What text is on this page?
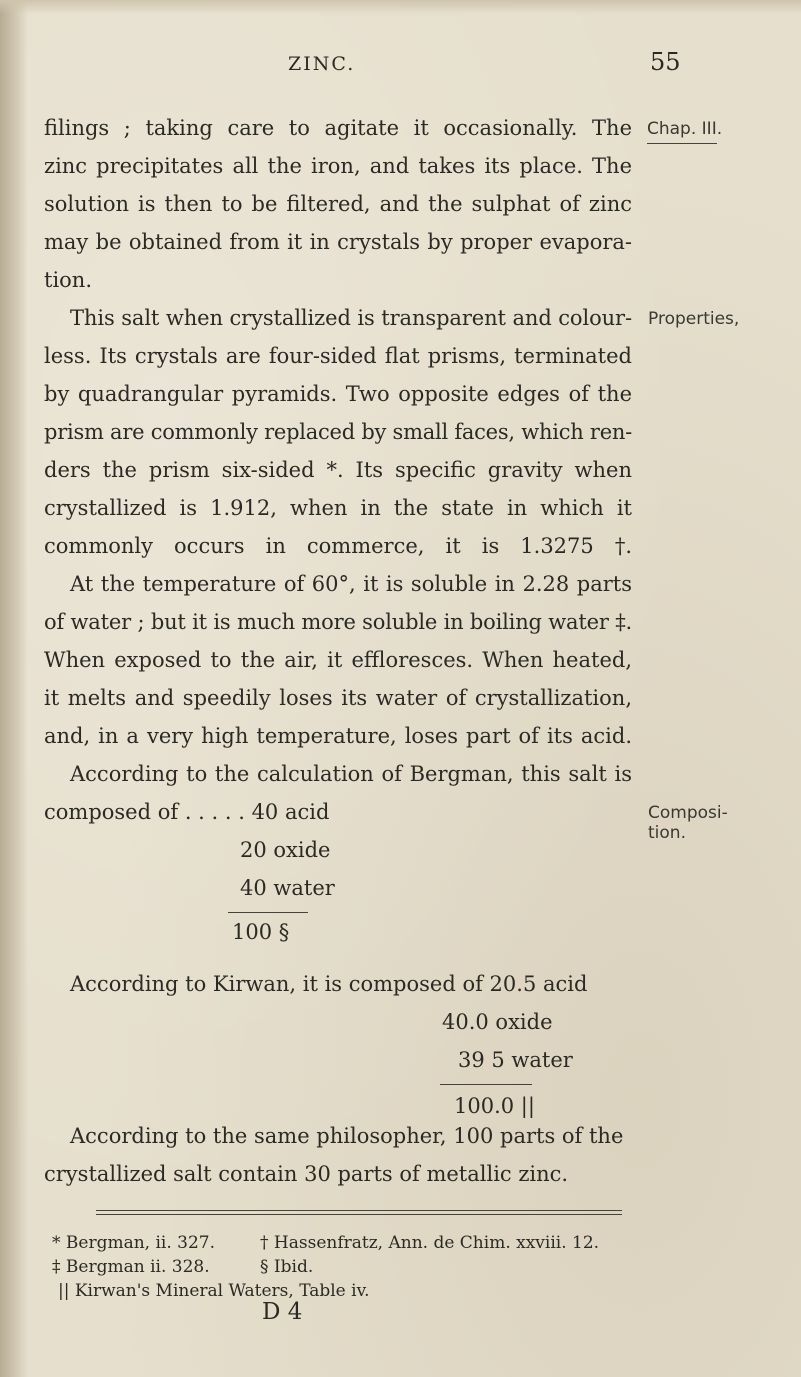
ZINC.	55
Chap. III.
filings ; taking care to agitate it occasionally. The
zinc precipitates all the iron, and takes its place. The
solution is then to be filtered, and the sulphat of zinc
may be obtained from it in crystals by proper evapora-
tion.
This salt when crystallized is transparent and colour- Properties,
less. Its crystals are four-sided flat prisms, terminated
by quadrangular pyramids. Two opposite edges of the
prism are commonly replaced by small faces, which ren-
ders the prism six-sided *. Its specific gravity when
crystallized is 1.912, when in the state in which it
commonly occurs in commerce, it is 1.3275 †.
At the temperature of 60°, it is soluble in 2.28 parts
of water ; but it is much more soluble in boiling water ‡.
When exposed to the air, it effloresces. When heated,
it melts and speedily loses its water of crystallization,
and, in a very high temperature, loses part of its acid.
According to the calculation of Bergman, this salt is
composed of . . . . . 40 acid	Composi-
tion.
20 oxide
40 water
100 §
According to Kirwan, it is composed of 20.5 acid
40.0 oxide
39 5 water
100.0 ||
According to the same philosopher, 100 parts of the
crystallized salt contain 30 parts of metallic zinc.
* Bergman, ii. 327.	† Hassenfratz, Ann. de Chim. xxviii. 12.
‡ Bergman ii. 328.	§ Ibid.
|| Kirwan's Mineral Waters, Table iv.
D 4
